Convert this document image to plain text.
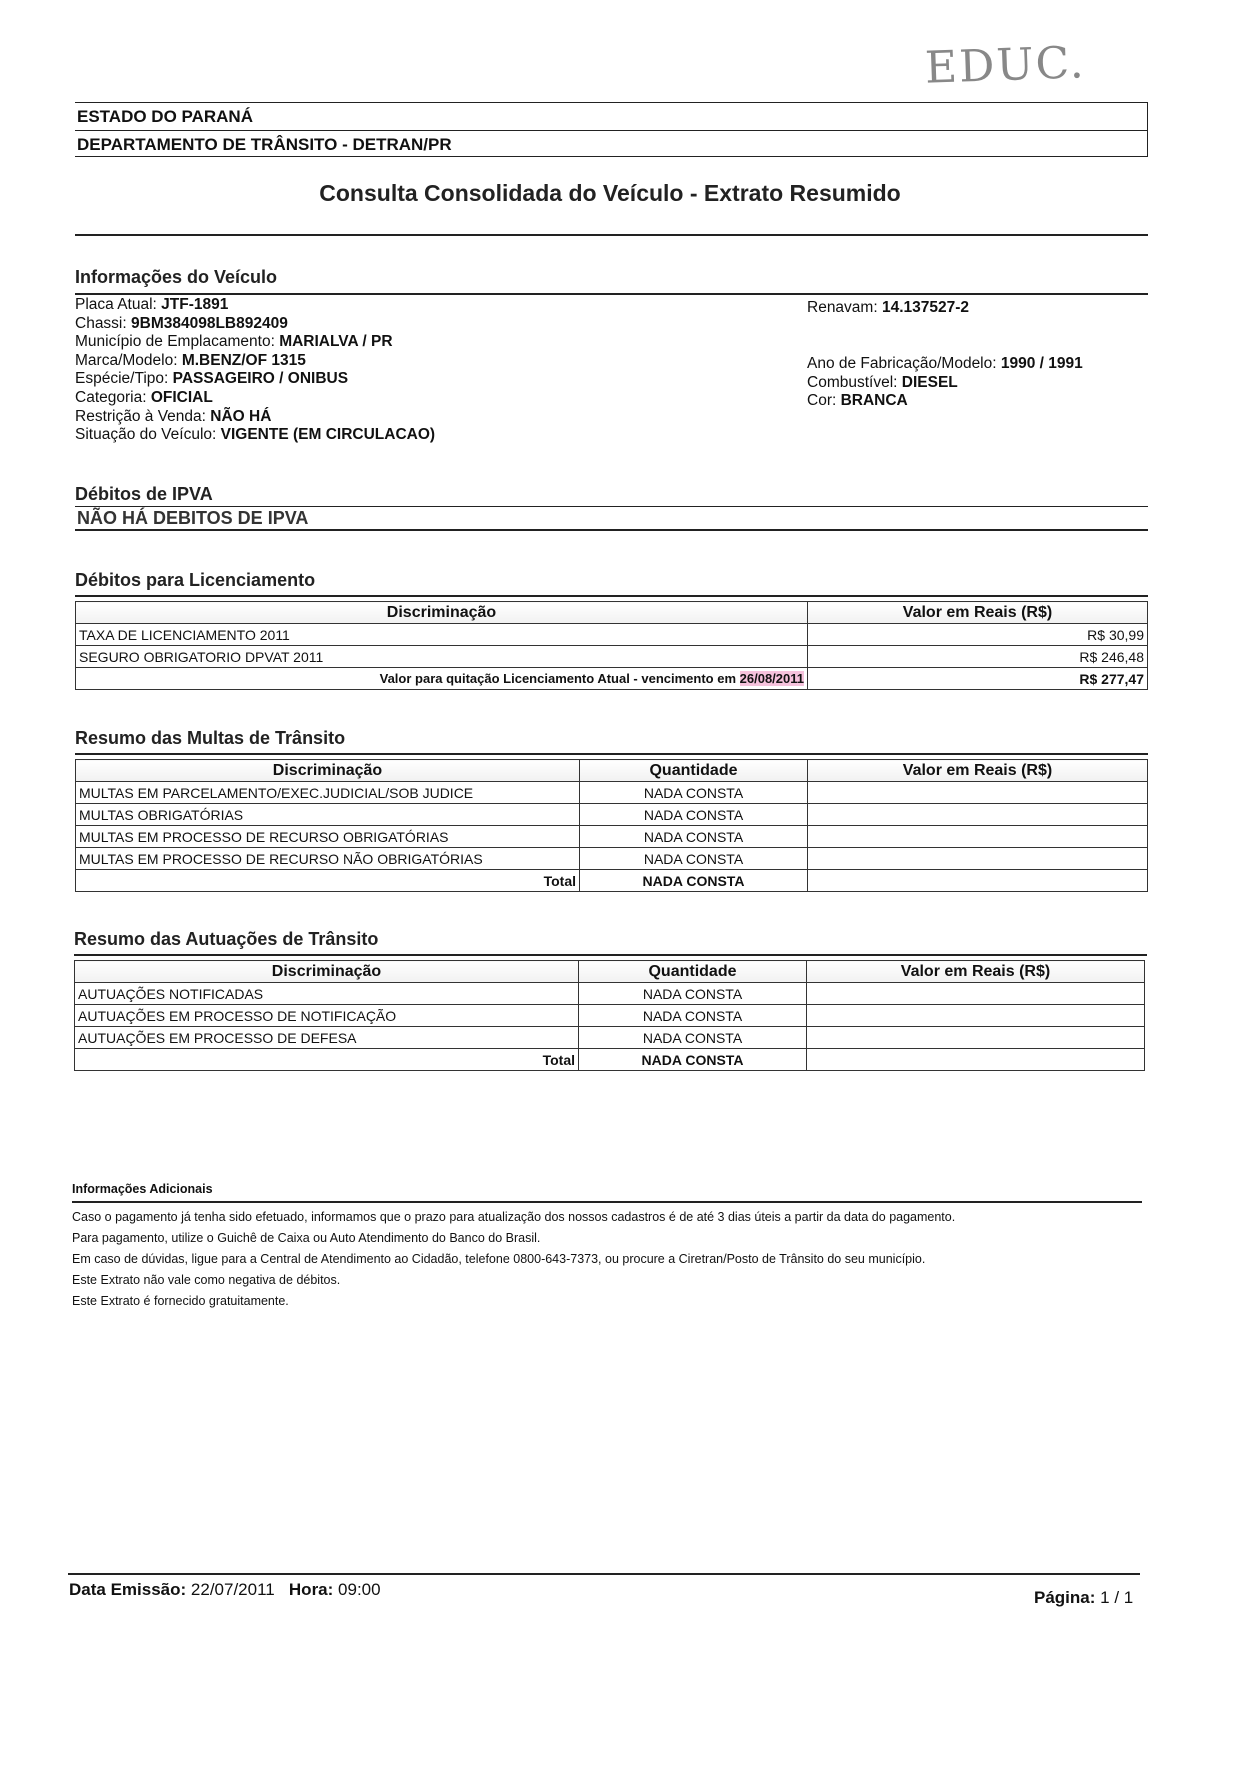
EDUC.
ESTADO DO PARANÁ
DEPARTAMENTO DE TRÂNSITO - DETRAN/PR
Consulta Consolidada do Veículo - Extrato Resumido
Informações do Veículo
Placa Atual: JTF-1891
Chassi: 9BM384098LB892409
Município de Emplacamento: MARIALVA / PR
Marca/Modelo: M.BENZ/OF 1315
Espécie/Tipo: PASSAGEIRO / ONIBUS
Categoria: OFICIAL
Restrição à Venda: NÃO HÁ
Situação do Veículo: VIGENTE (EM CIRCULACAO)
Renavam: 14.137527-2
Ano de Fabricação/Modelo: 1990 / 1991
Combustível: DIESEL
Cor: BRANCA
Débitos de IPVA
NÃO HÁ DEBITOS DE IPVA
Débitos para Licenciamento
Discriminação	Valor em Reais (R$)
TAXA DE LICENCIAMENTO 2011	R$ 30,99
SEGURO OBRIGATORIO DPVAT 2011	R$ 246,48
Valor para quitação Licenciamento Atual - vencimento em 26/08/2011	R$ 277,47
Resumo das Multas de Trânsito
Discriminação	Quantidade	Valor em Reais (R$)
MULTAS EM PARCELAMENTO/EXEC.JUDICIAL/SOB JUDICE	NADA CONSTA	
MULTAS OBRIGATÓRIAS	NADA CONSTA	
MULTAS EM PROCESSO DE RECURSO OBRIGATÓRIAS	NADA CONSTA	
MULTAS EM PROCESSO DE RECURSO NÃO OBRIGATÓRIAS	NADA CONSTA	
Total	NADA CONSTA	
Resumo das Autuações de Trânsito
Discriminação	Quantidade	Valor em Reais (R$)
AUTUAÇÕES NOTIFICADAS	NADA CONSTA	
AUTUAÇÕES EM PROCESSO DE NOTIFICAÇÃO	NADA CONSTA	
AUTUAÇÕES EM PROCESSO DE DEFESA	NADA CONSTA	
Total	NADA CONSTA	
Informações Adicionais
Caso o pagamento já tenha sido efetuado, informamos que o prazo para atualização dos nossos cadastros é de até 3 dias úteis a partir da data do pagamento.
Para pagamento, utilize o Guichê de Caixa ou Auto Atendimento do Banco do Brasil.
Em caso de dúvidas, ligue para a Central de Atendimento ao Cidadão, telefone 0800-643-7373, ou procure a Ciretran/Posto de Trânsito do seu município.
Este Extrato não vale como negativa de débitos.
Este Extrato é fornecido gratuitamente.
Data Emissão: 22/07/2011 Hora: 09:00	Página: 1 / 1
